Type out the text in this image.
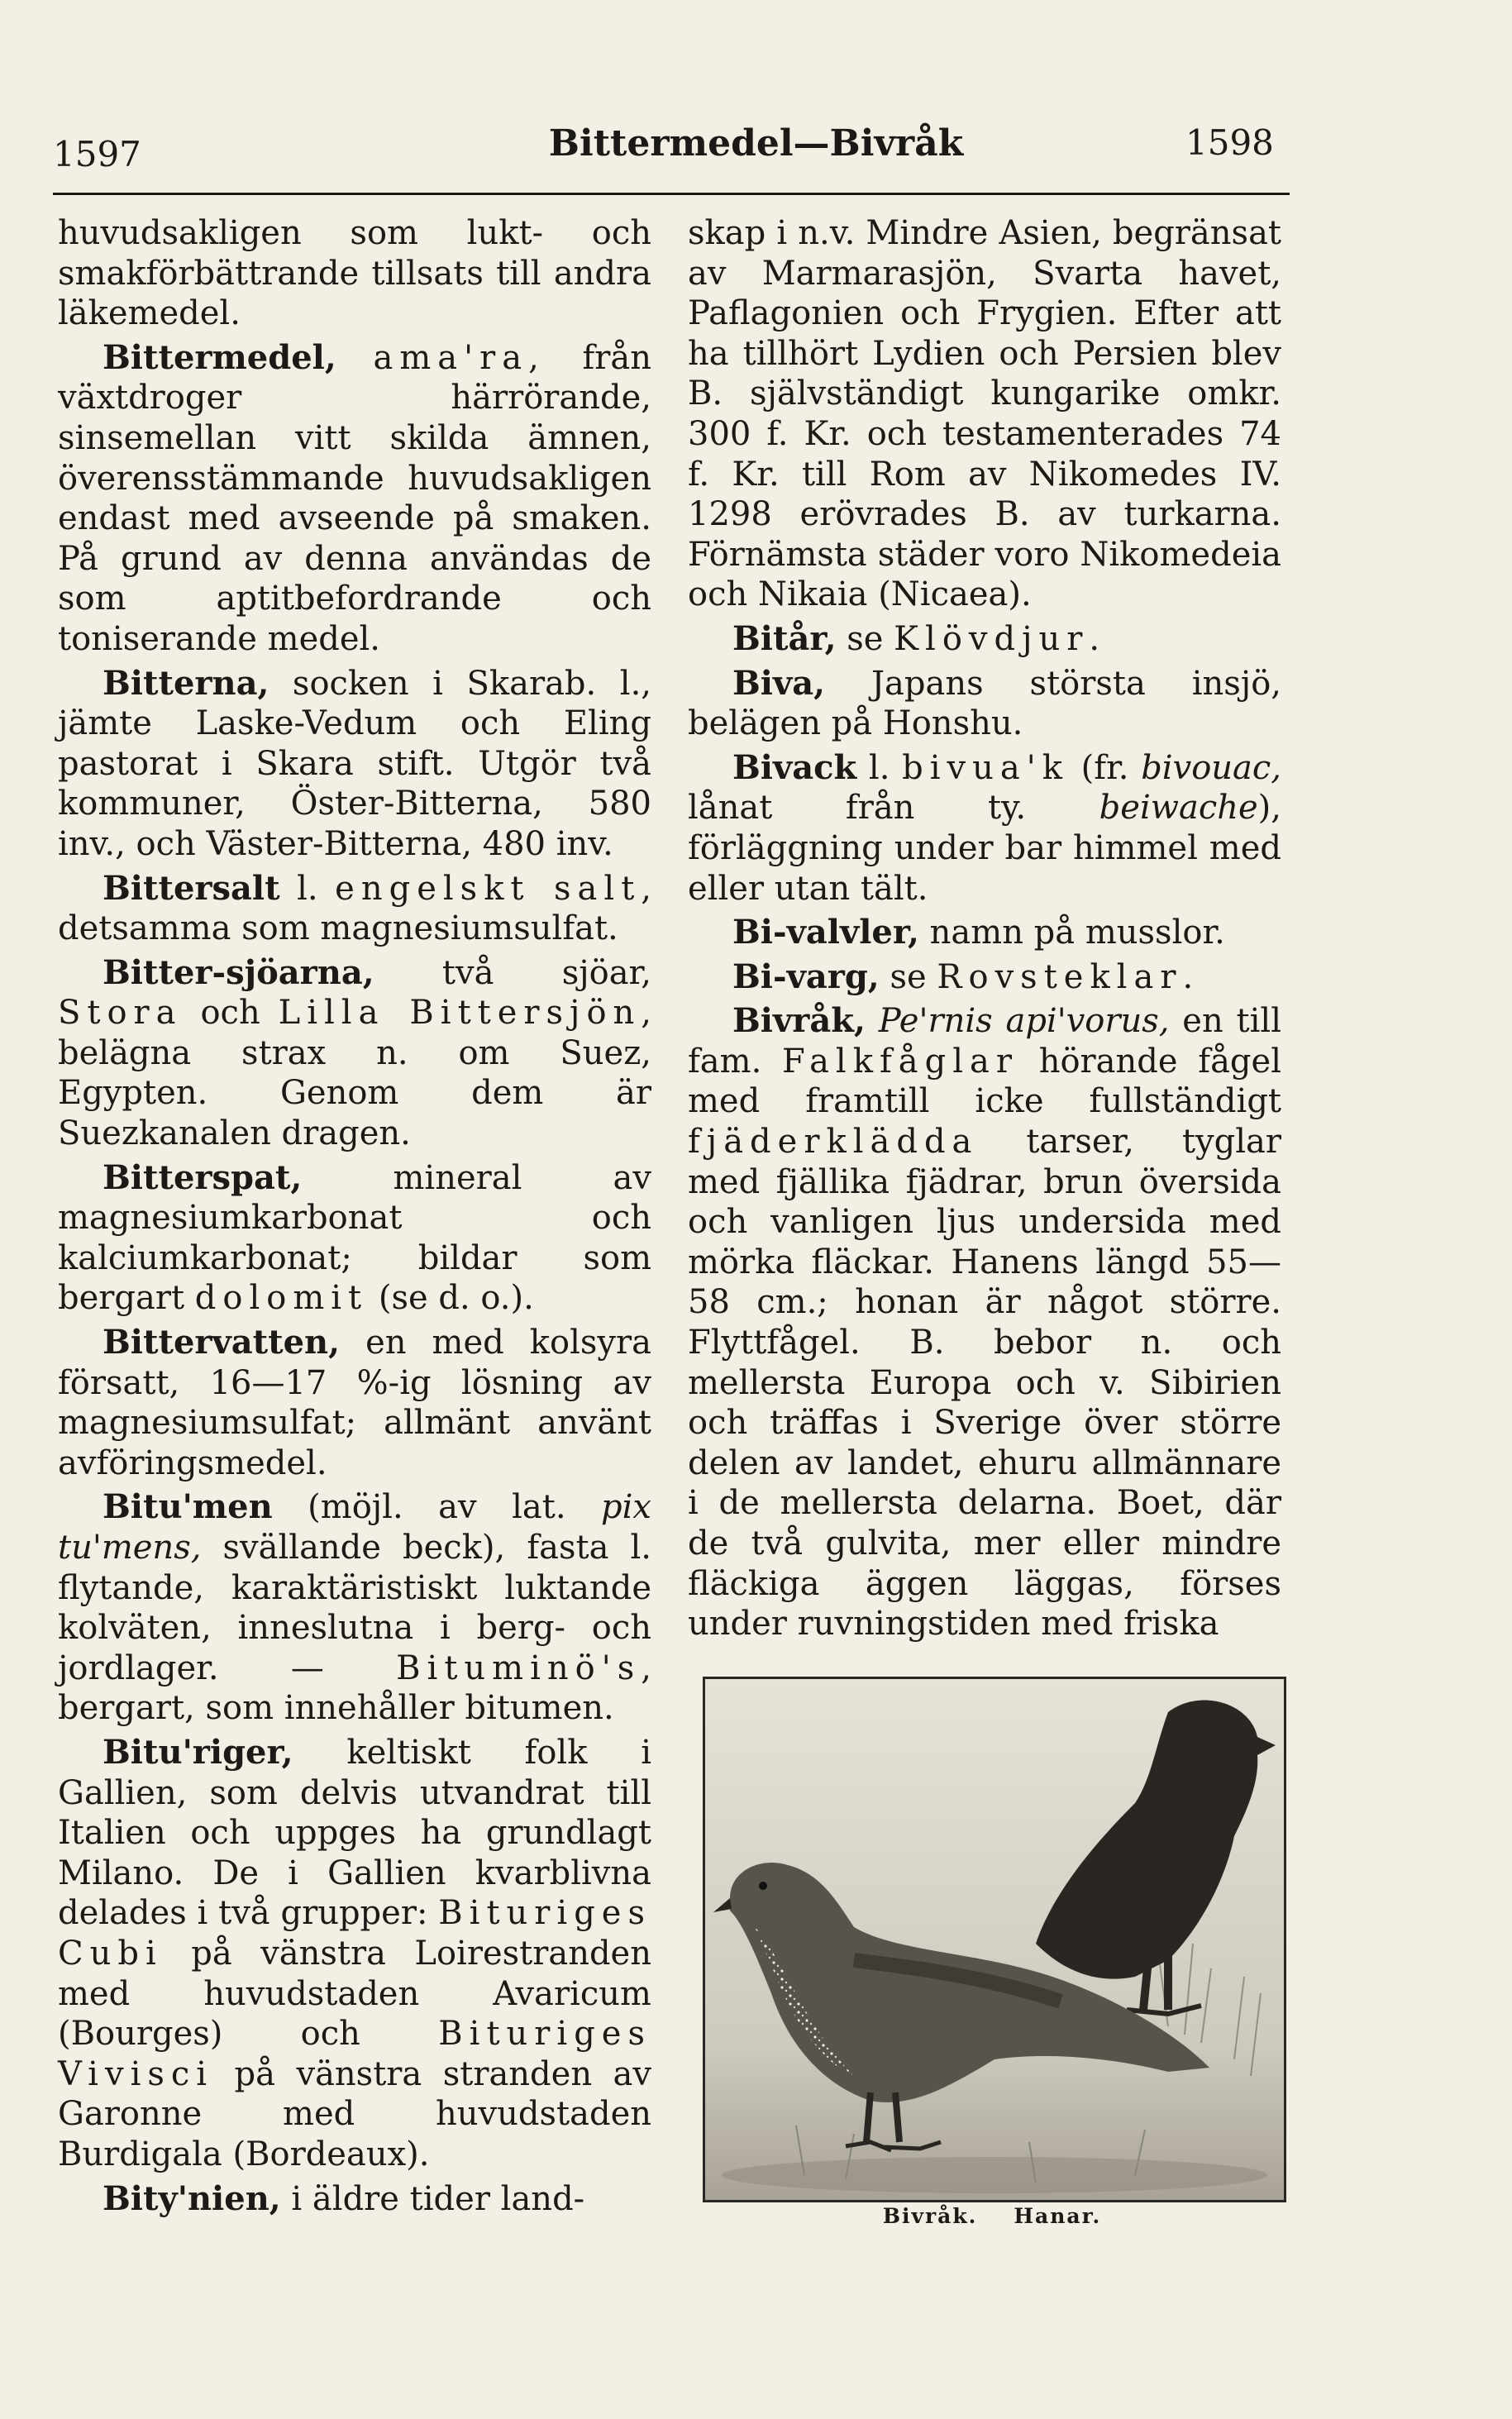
1597	Bittermedel—Bivråk	1598

huvudsakligen som lukt- och smakförbättrande tillsats till andra läkemedel.

Bittermedel, ama'ra, från växtdroger härrörande, sinsemellan vitt skilda ämnen, överensstämmande huvudsakligen endast med avseende på smaken. På grund av denna användas de som aptitbefordrande och toniserande medel.

Bitterna, socken i Skarab. l., jämte Laske-Vedum och Eling pastorat i Skara stift. Utgör två kommuner, Öster-Bitterna, 580 inv., och Väster-Bitterna, 480 inv.

Bittersalt l. engelskt salt, detsamma som magnesiumsulfat.

Bitter-sjöarna, två sjöar, Stora och Lilla Bittersjön, belägna strax n. om Suez, Egypten. Genom dem är Suezkanalen dragen.

Bitterspat, mineral av magnesiumkarbonat och kalciumkarbonat; bildar som bergart dolomit (se d. o.).

Bittervatten, en med kolsyra försatt, 16—17 %-ig lösning av magnesiumsulfat; allmänt använt avföringsmedel.

Bitu'men (möjl. av lat. pix tu'mens, svällande beck), fasta l. flytande, karaktäristiskt luktande kolväten, inneslutna i berg- och jordlager. — Bituminö's, bergart, som innehåller bitumen.

Bitu'riger, keltiskt folk i Gallien, som delvis utvandrat till Italien och uppges ha grundlagt Milano. De i Gallien kvarblivna delades i två grupper: Bituriges Cubi på vänstra Loirestranden med huvudstaden Avaricum (Bourges) och Bituriges Vivisci på vänstra stranden av Garonne med huvudstaden Burdigala (Bordeaux).

Bity'nien, i äldre tider land-

skap i n.v. Mindre Asien, begränsat av Marmarasjön, Svarta havet, Paflagonien och Frygien. Efter att ha tillhört Lydien och Persien blev B. självständigt kungarike omkr. 300 f. Kr. och testamenterades 74 f. Kr. till Rom av Nikomedes IV. 1298 erövrades B. av turkarna. Förnämsta städer voro Nikomedeia och Nikaia (Nicaea).

Bitår, se Klövdjur.

Biva, Japans största insjö, belägen på Honshu.

Bivack l. bivua'k (fr. bivouac, lånat från ty. beiwache), förläggning under bar himmel med eller utan tält.

Bi-valvler, namn på musslor.

Bi-varg, se Rovsteklar.

Bivråk, Pe'rnis api'vorus, en till fam. Falkfåglar hörande fågel med framtill icke fullständigt fjäderklädda tarser, tyglar med fjällika fjädrar, brun översida och vanligen ljus undersida med mörka fläckar. Hanens längd 55—58 cm.; honan är något större. Flyttfågel. B. bebor n. och mellersta Europa och v. Sibirien och träffas i Sverige över större delen av landet, ehuru allmännare i de mellersta delarna. Boet, där de två gulvita, mer eller mindre fläckiga äggen läggas, förses under ruvningstiden med friska

Bivråk. Hanar.
